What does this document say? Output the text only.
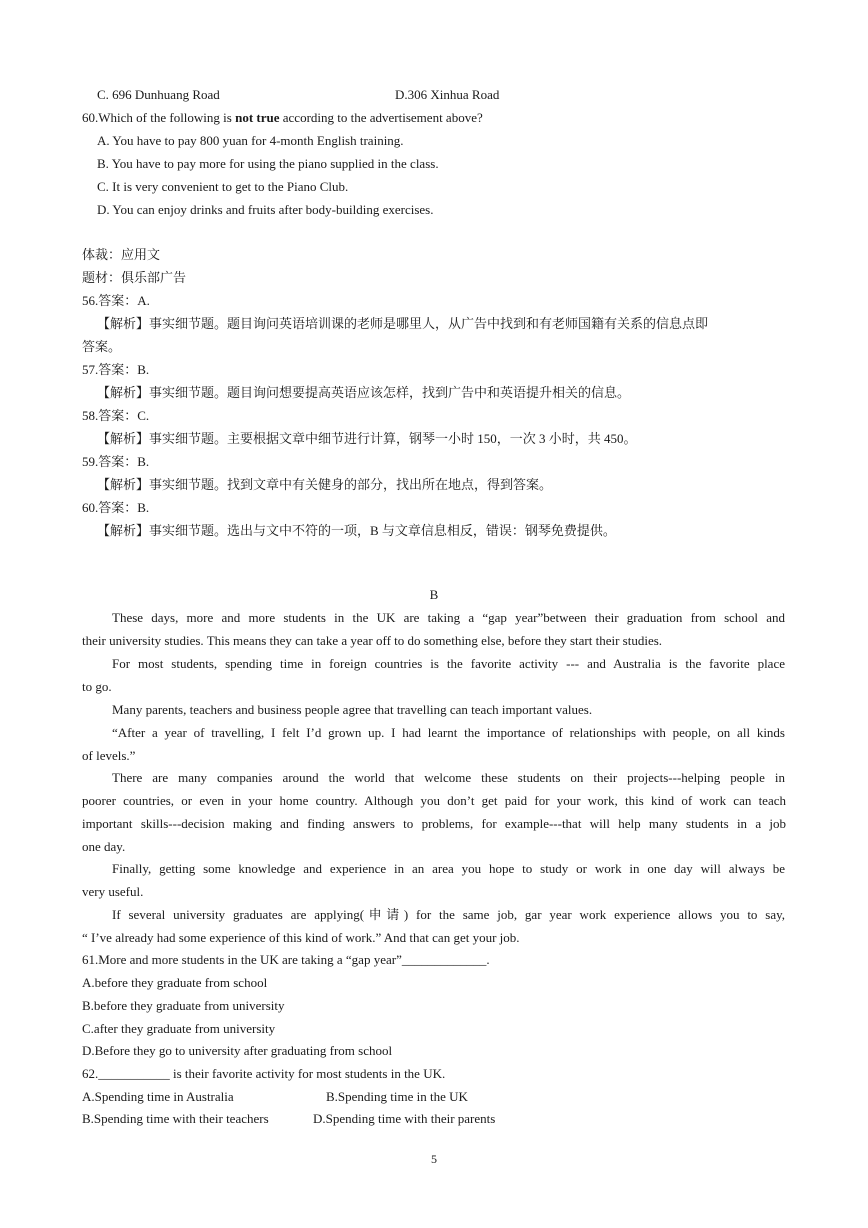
C. 696 Dunhuang Road	D.306 Xinhua Road
60.Which of the following is not true according to the advertisement above?
A. You have to pay 800 yuan for 4-month English training.
B. You have to pay more for using the piano supplied in the class.
C. It is very convenient to get to the Piano Club.
D. You can enjoy drinks and fruits after body-building exercises.
体裁：应用文
题材：俱乐部广告
56.答案：A.
【解析】事实细节题。题目询问英语培训课的老师是哪里人，从广告中找到和有老师国籍有关系的信息点即
答案。
57.答案：B.
【解析】事实细节题。题目询问想要提高英语应该怎样，找到广告中和英语提升相关的信息。
58.答案：C.
【解析】事实细节题。主要根据文章中细节进行计算，钢琴一小时 150，一次 3 小时，共 450。
59.答案：B.
【解析】事实细节题。找到文章中有关健身的部分，找出所在地点，得到答案。
60.答案：B.
【解析】事实细节题。选出与文中不符的一项，B 与文章信息相反，错误：钢琴免费提供。
B
These days, more and more students in the UK are taking a “gap year”between their graduation from school and
their university studies. This means they can take a year off to do something else, before they start their studies.
For most students, spending time in foreign countries is the favorite activity --- and Australia is the favorite place
to go.
Many parents, teachers and business people agree that travelling can teach important values.
“After a year of travelling, I felt I’d grown up. I had learnt the importance of relationships with people, on all kinds
of levels.”
There are many companies around the world that welcome these students on their projects---helping people in
poorer countries, or even in your home country. Although you don’t get paid for your work, this kind of work can teach
important skills---decision making and finding answers to problems, for example---that will help many students in a job
one day.
Finally, getting some knowledge and experience in an area you hope to study or work in one day will always be
very useful.
If several university graduates are applying(申请) for the same job, gar year work experience allows you to say,
“ I’ve already had some experience of this kind of work.” And that can get your job.
61.More and more students in the UK are taking a “gap year”_____________.
A.before they graduate from school
B.before they graduate from university
C.after they graduate from university
D.Before they go to university after graduating from school
62.___________ is their favorite activity for most students in the UK.
A.Spending time in Australia	B.Spending time in the UK
B.Spending time with their teachers	D.Spending time with their parents
5
